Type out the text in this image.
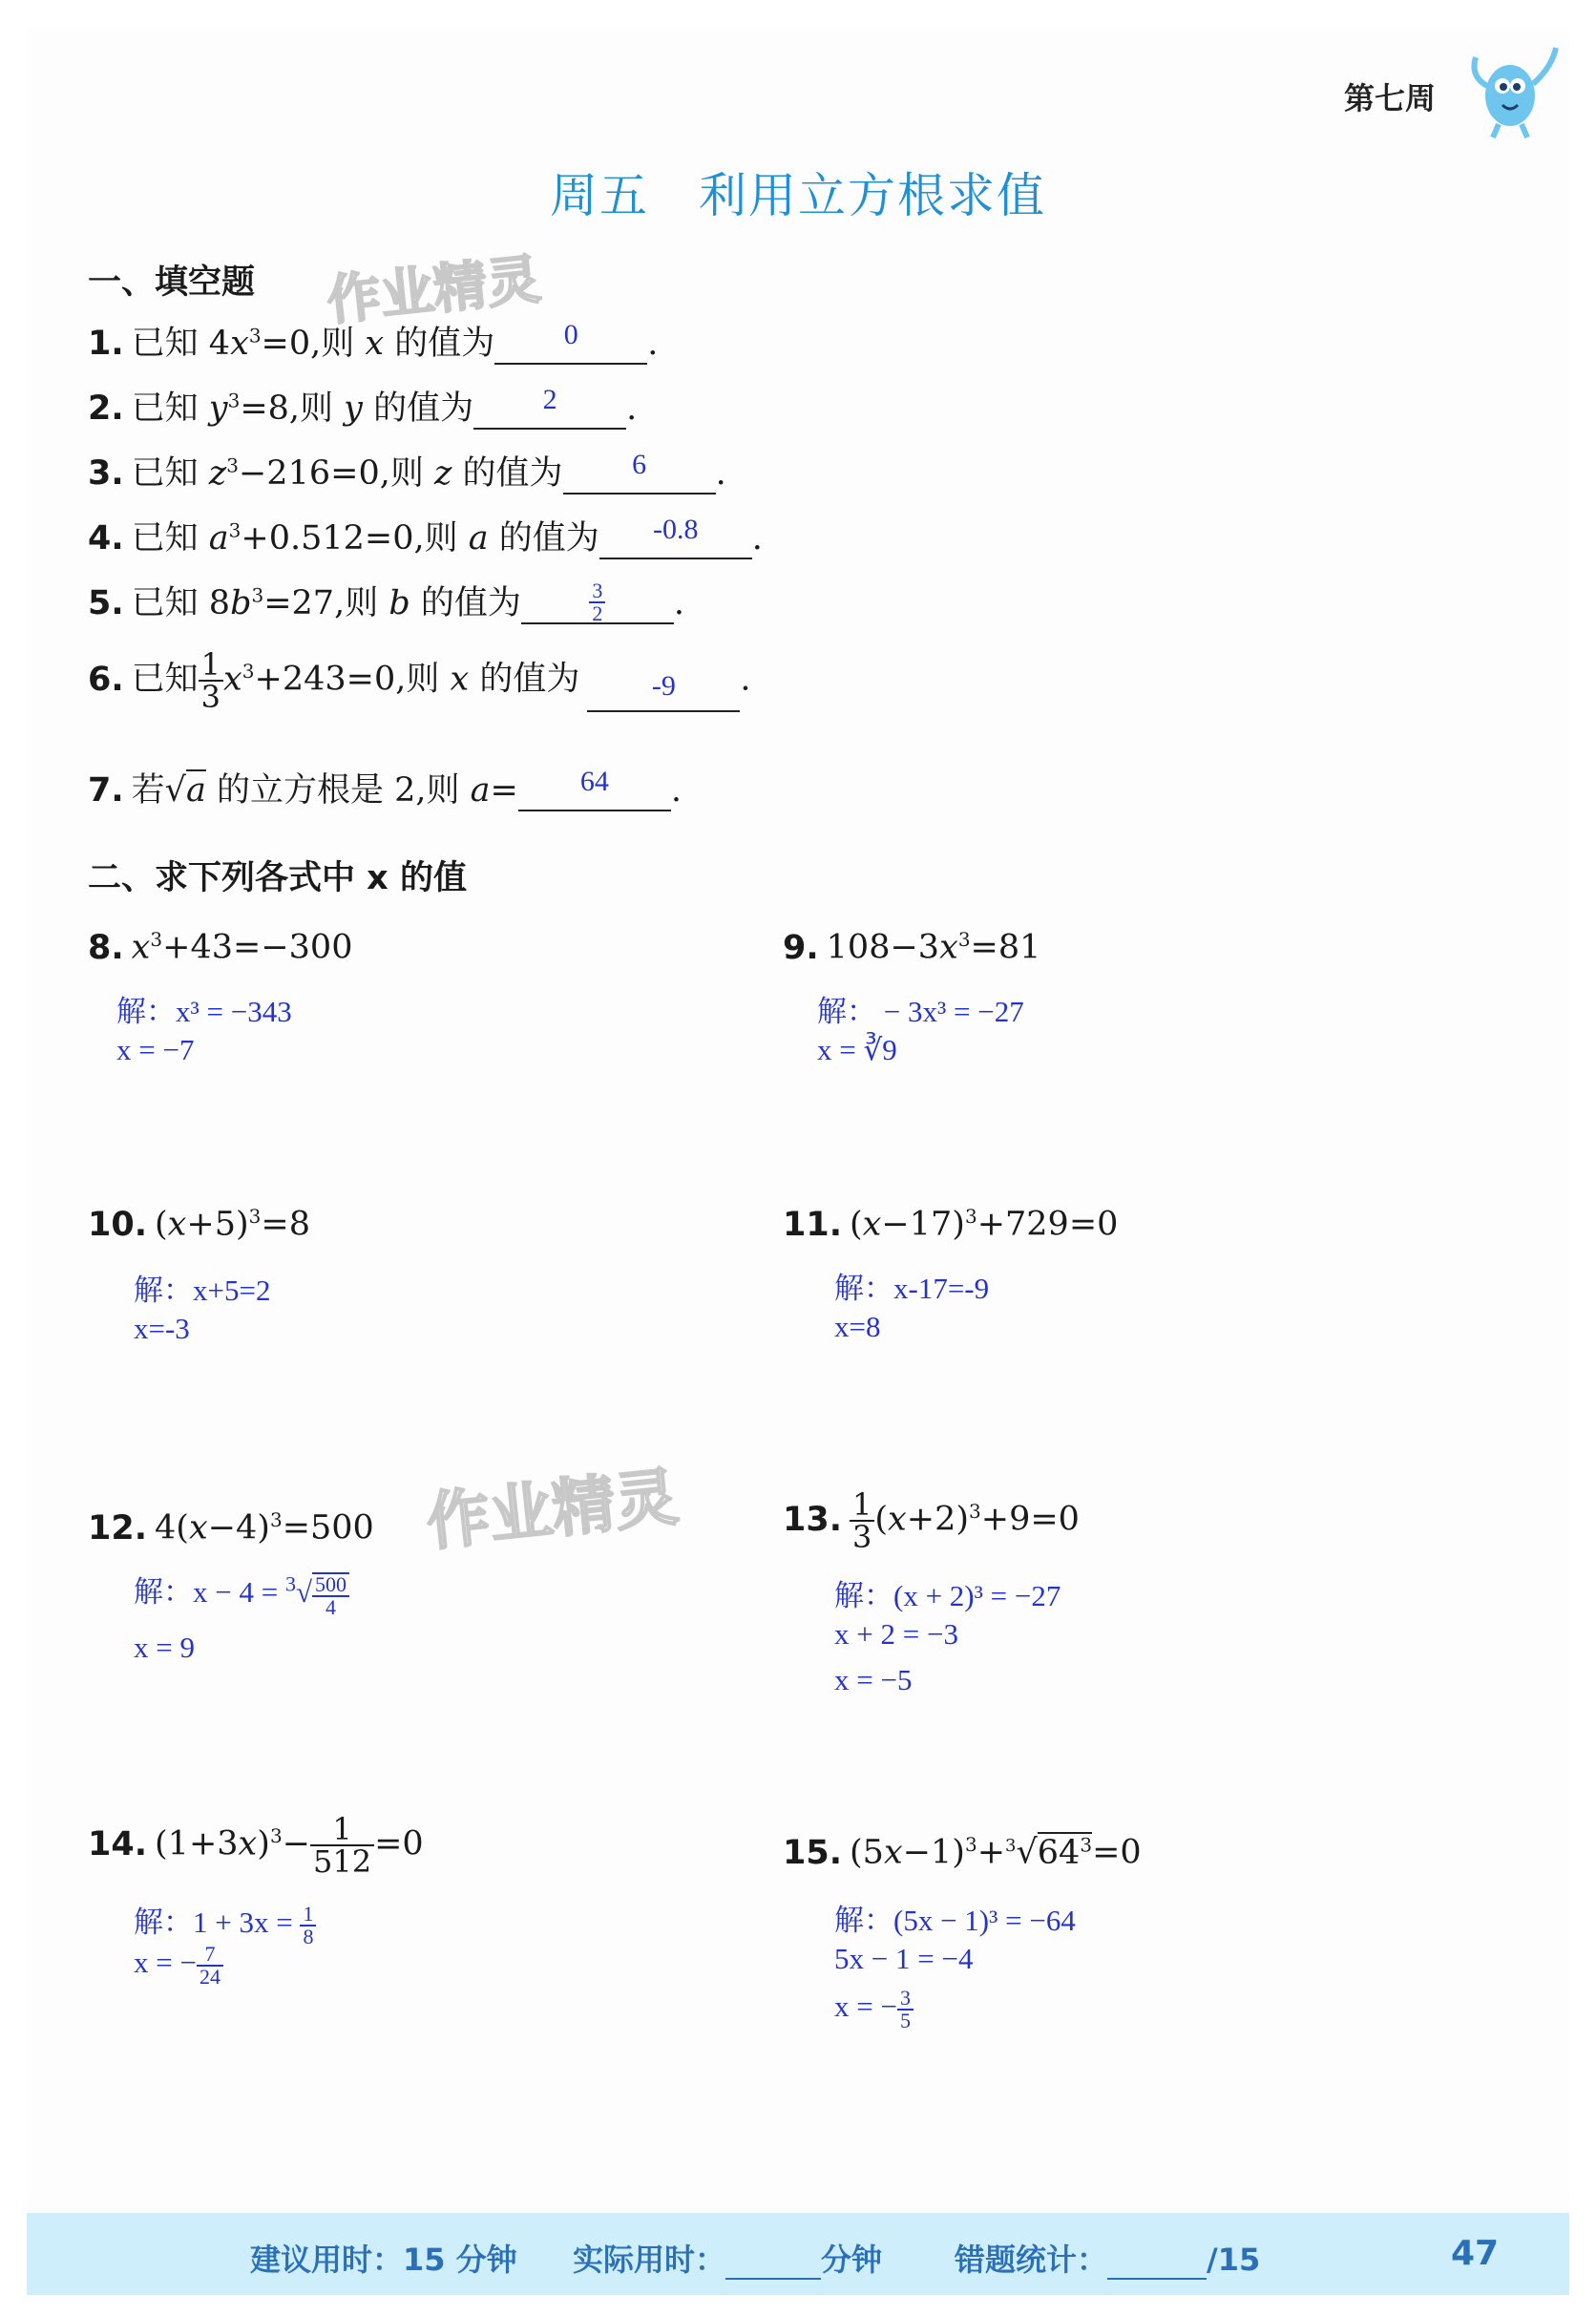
第七周
周五 利用立方根求值
一、填空题 作业精灵
1. 已知 $4x^3=0$,则 x 的值为	0	.
2. 已知 $y^3=8$,则 y 的值为	2	.
3. 已知 $z^3-216=0$,则 z 的值为	6	.
4. 已知 $a^3+0.512=0$,则 a 的值为	-0.8	.
5. 已知 $8b^3=27$,则 b 的值为	$\frac{3}{2}$ .
6. 已知 $\frac{1}{3} x^3+243=0$,则 x 的值为	-9	.
7. 若√a 的立方根是 2,则 a=	64	.
二、求下列各式中 x 的值
8. $x^3+43=-300$
解：x³ = −343
x = −7
9. $108-3x^3=81$
解： − 3x³ = −27
x = ∛9
10. $(x+5)^3=8$
解：x+5=2
x=-3
11. $(x-17)^3+729=0$
解：x-17=-9
x=8
作业精灵
12. $4(x-4)^3=500$
解：$x - 4 = ^3√ \frac{500}{4}$
x = 9
13. $\frac{1}{3} (x+2)^3+9=0$
解：(x + 2)³ = −27
x + 2 = −3
x = −5
14. $(1+3x)^3- \frac{1}{512} =0$
解：$1 + 3x = \frac{1}{8}$
x = − $\frac{7}{24}$
15. $(5x-1)^3+^3√64^3=0$
解：(5x − 1)³ = −64
5x − 1 = −4
x = − $\frac{3}{5}$
建议用时：15 分钟 实际用时：	分钟 错题统计：	/15	47
